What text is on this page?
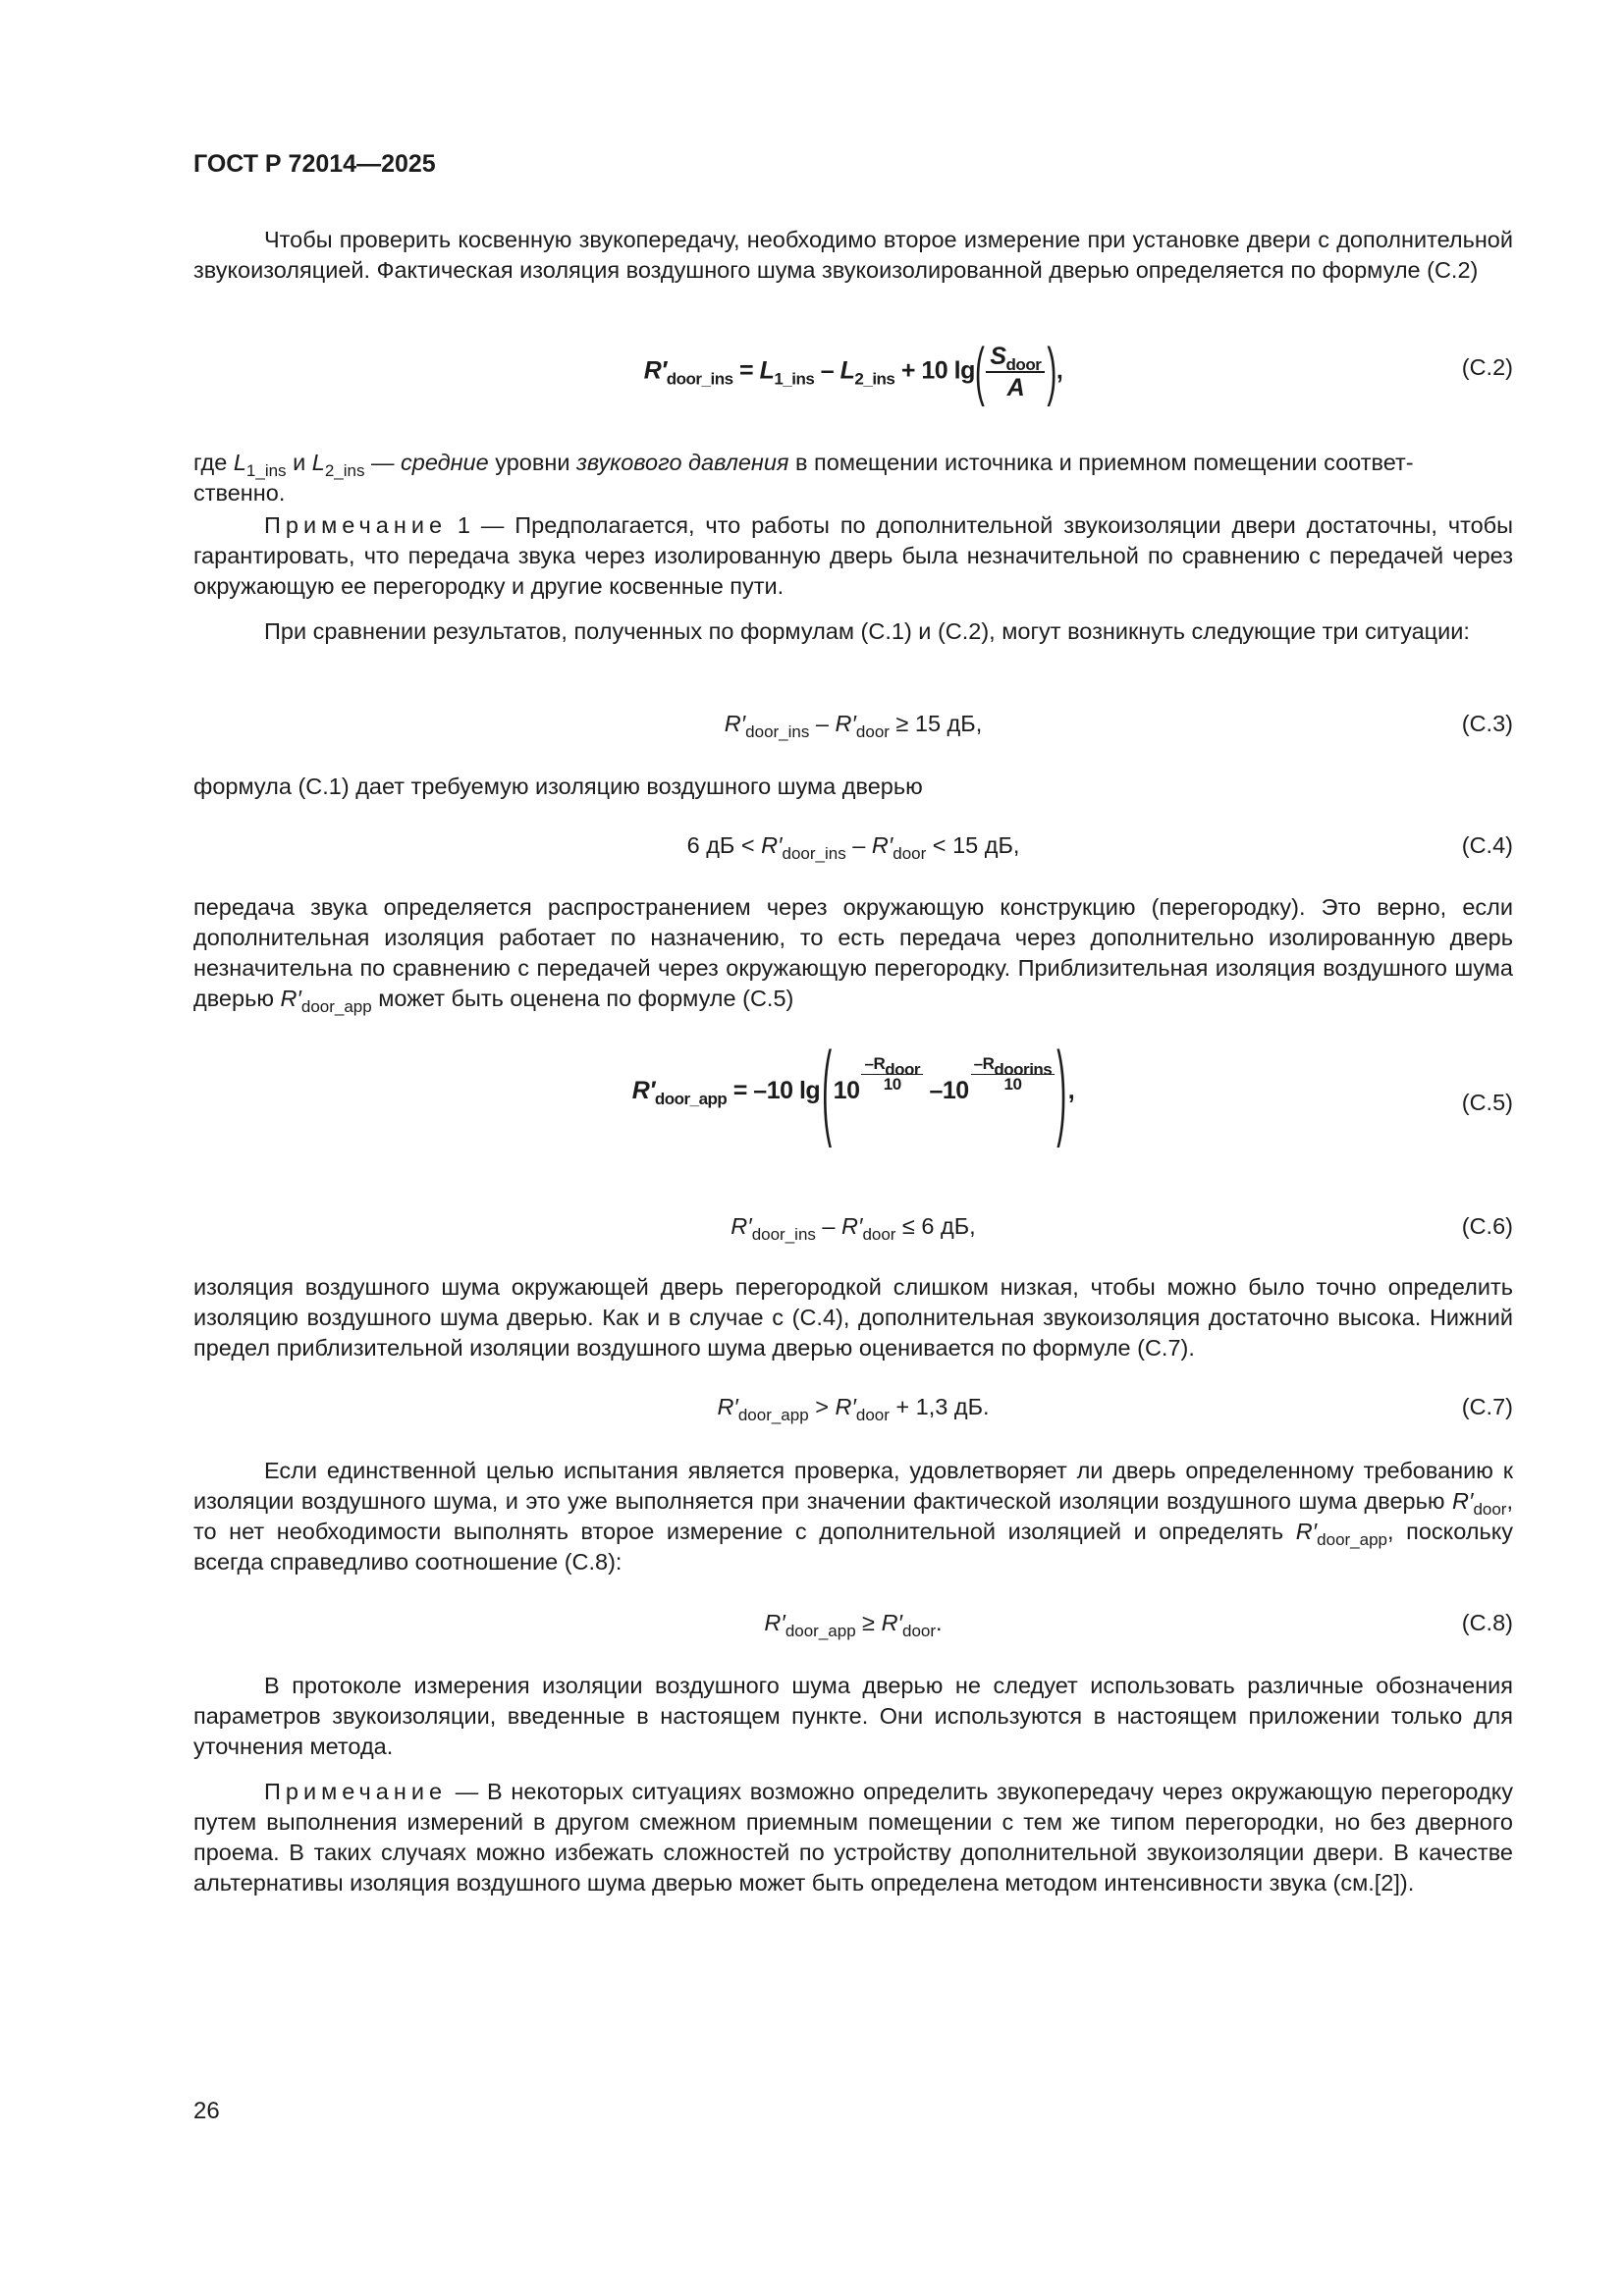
ГОСТ Р 72014—2025

Чтобы проверить косвенную звукопередачу, необходимо второе измерение при установке двери с дополнительной звукоизоляцией. Фактическая изоляция воздушного шума звукоизолированной дверью определяется по формуле (С.2)

$R'_{door\_ins} = L_{1\_ins} - L_{2\_ins} + 10$ $\lg( \frac{S_{door}}{A}$ ),	(С.2)
где $L_{1\_ins}$ и $L_{2\_ins}$ — средние уровни звукового давления в помещении источника и приемном помещении соответ-
ственно.

Примечание 1 — Предполагается, что работы по дополнительной звукоизоляции двери достаточны, чтобы гарантировать, что передача звука через изолированную дверь была незначительной по сравнению с передачей через окружающую ее перегородку и другие косвенные пути.

При сравнении результатов, полученных по формулам (С.1) и (С.2), могут возникнуть следующие три ситуации:

$R'_{door\_ins} - R'_{door} \ge 15$ дБ,	(С.3)
формула (С.1) дает требуемую изоляцию воздушного шума дверью
6 дБ < $R'_{door\_ins} - R'_{door} < 15$ дБ,	(С.4)

передача звука определяется распространением через окружающую конструкцию (перегородку). Это верно, если дополнительная изоляция работает по назначению, то есть передача через дополнительно изолированную дверь незначительна по сравнению с передачей через окружающую перегородку. Приблизительная изоляция воздушного шума дверью $R'_{door\_app}$ может быть оценена по формуле (С.5)

$R'_{door\_app} = -10$ $\lg(10 \frac{-R_{door}}{10} -10 \frac{-R_{doorins}}{10}$ ),	(С.5)
$R'_{door\_ins} - R'_{door} \le 6$ дБ,	(С.6)

изоляция воздушного шума окружающей дверь перегородкой слишком низкая, чтобы можно было точно определить изоляцию воздушного шума дверью. Как и в случае с (С.4), дополнительная звукоизоляция достаточно высока. Нижний предел приблизительной изоляции воздушного шума дверью оценивается по формуле (С.7).

$R'_{door\_app} > R'_{door} + 1,3$ дБ.	(С.7)

Если единственной целью испытания является проверка, удовлетворяет ли дверь определенному требованию к изоляции воздушного шума, и это уже выполняется при значении фактической изоляции воздушного шума дверью $R'_{door}$, то нет необходимости выполнять второе измерение с дополнительной изоляцией и определять $R'_{door\_app}$, поскольку всегда справедливо соотношение (С.8):

$R'_{door\_app} \ge R'_{door}$.	(С.8)

В протоколе измерения изоляции воздушного шума дверью не следует использовать различные обозначения параметров звукоизоляции, введенные в настоящем пункте. Они используются в настоящем приложении только для уточнения метода.

Примечание — В некоторых ситуациях возможно определить звукопередачу через окружающую перегородку путем выполнения измерений в другом смежном приемным помещении с тем же типом перегородки, но без дверного проема. В таких случаях можно избежать сложностей по устройству дополнительной звукоизоляции двери. В качестве альтернативы изоляция воздушного шума дверью может быть определена методом интенсивности звука (см.[2]).

26
